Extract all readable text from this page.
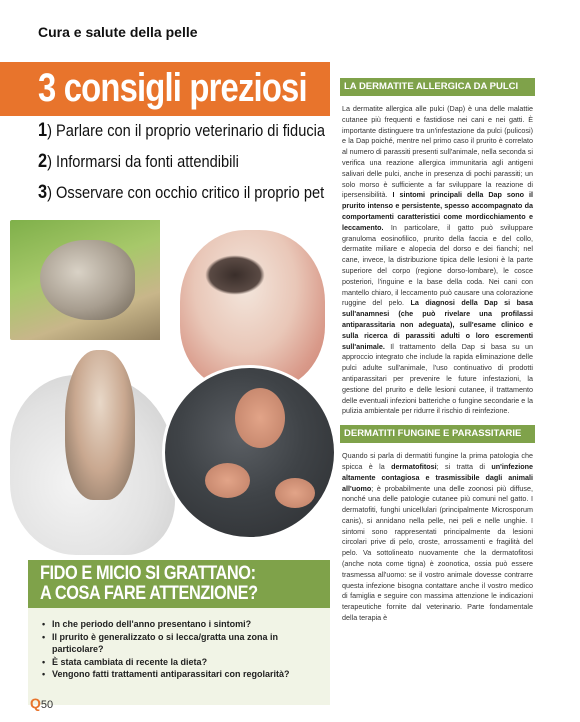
Cura e salute della pelle
3 consigli preziosi
1) Parlare con il proprio veterinario di fiducia
2) Informarsi da fonti attendibili
3) Osservare con occhio critico il proprio pet
FIDO E MICIO SI GRATTANO:
A COSA FARE ATTENZIONE?
• In che periodo dell'anno presentano i sintomi?
• Il prurito è generalizzato o si lecca/gratta una zona in particolare?
• È stata cambiata di recente la dieta?
• Vengono fatti trattamenti antiparassitari con regolarità?
Q50
LA DERMATITE ALLERGICA DA PULCI
La dermatite allergica alle pulci (Dap) è una delle malattie cutanee più frequenti e fastidiose nei cani e nei gatti. È importante distinguere tra un'infestazione da pulci (pulicosi) e la Dap poiché, mentre nel primo caso il prurito è correlato al numero di parassiti presenti sull'animale, nella seconda si verifica una reazione allergica immunitaria agli antigeni salivari delle pulci, anche in presenza di pochi parassiti; un solo morso è sufficiente a far sviluppare la reazione di ipersensibilità. I sintomi principali della Dap sono il prurito intenso e persistente, spesso accompagnato da comportamenti caratteristici come mordicchiamento e leccamento. In particolare, il gatto può sviluppare granuloma eosinofilico, prurito della faccia e del collo, dermatite miliare e alopecia del dorso e dei fianchi; nel cane, invece, la distribuzione tipica delle lesioni è la parte superiore del corpo (regione dorso-lombare), le cosce posteriori, l'inguine e la base della coda. Nei cani con mantello chiaro, il leccamento può causare una colorazione ruggine del pelo. La diagnosi della Dap si basa sull'anamnesi (che può rivelare una profilassi antiparassitaria non adeguata), sull'esame clinico e sulla ricerca di parassiti adulti o loro escrementi sull'animale. Il trattamento della Dap si basa su un approccio integrato che include la rapida eliminazione delle pulci adulte sull'animale, l'uso continuativo di prodotti antiparassitari per prevenire le future infestazioni, la gestione del prurito e delle lesioni cutanee, il trattamento delle eventuali infezioni batteriche o fungine secondarie e la pulizia ambientale per ridurre il rischio di reinfezione.
DERMATITI FUNGINE E PARASSITARIE
Quando si parla di dermatiti fungine la prima patologia che spicca è la dermatofitosi; si tratta di un'infezione altamente contagiosa e trasmissibile dagli animali all'uomo; è probabilmente una delle zoonosi più diffuse, nonché una delle patologie cutanee più comuni nel gatto. I dermatofiti, funghi unicellulari (principalmente Microsporum canis), si annidano nella pelle, nei peli e nelle unghie. I sintomi sono rappresentati principalmente da lesioni circolari prive di pelo, croste, arrossamenti e fragilità del pelo. Va sottolineato nuovamente che la dermatofitosi (anche nota come tigna) è zoonotica, ossia può essere trasmessa all'uomo: se il vostro animale dovesse contrarre questa infezione bisogna contattare anche il vostro medico di famiglia e seguire con massima attenzione le indicazioni terapeutiche fornite dal veterinario. Parte fondamentale della terapia è
